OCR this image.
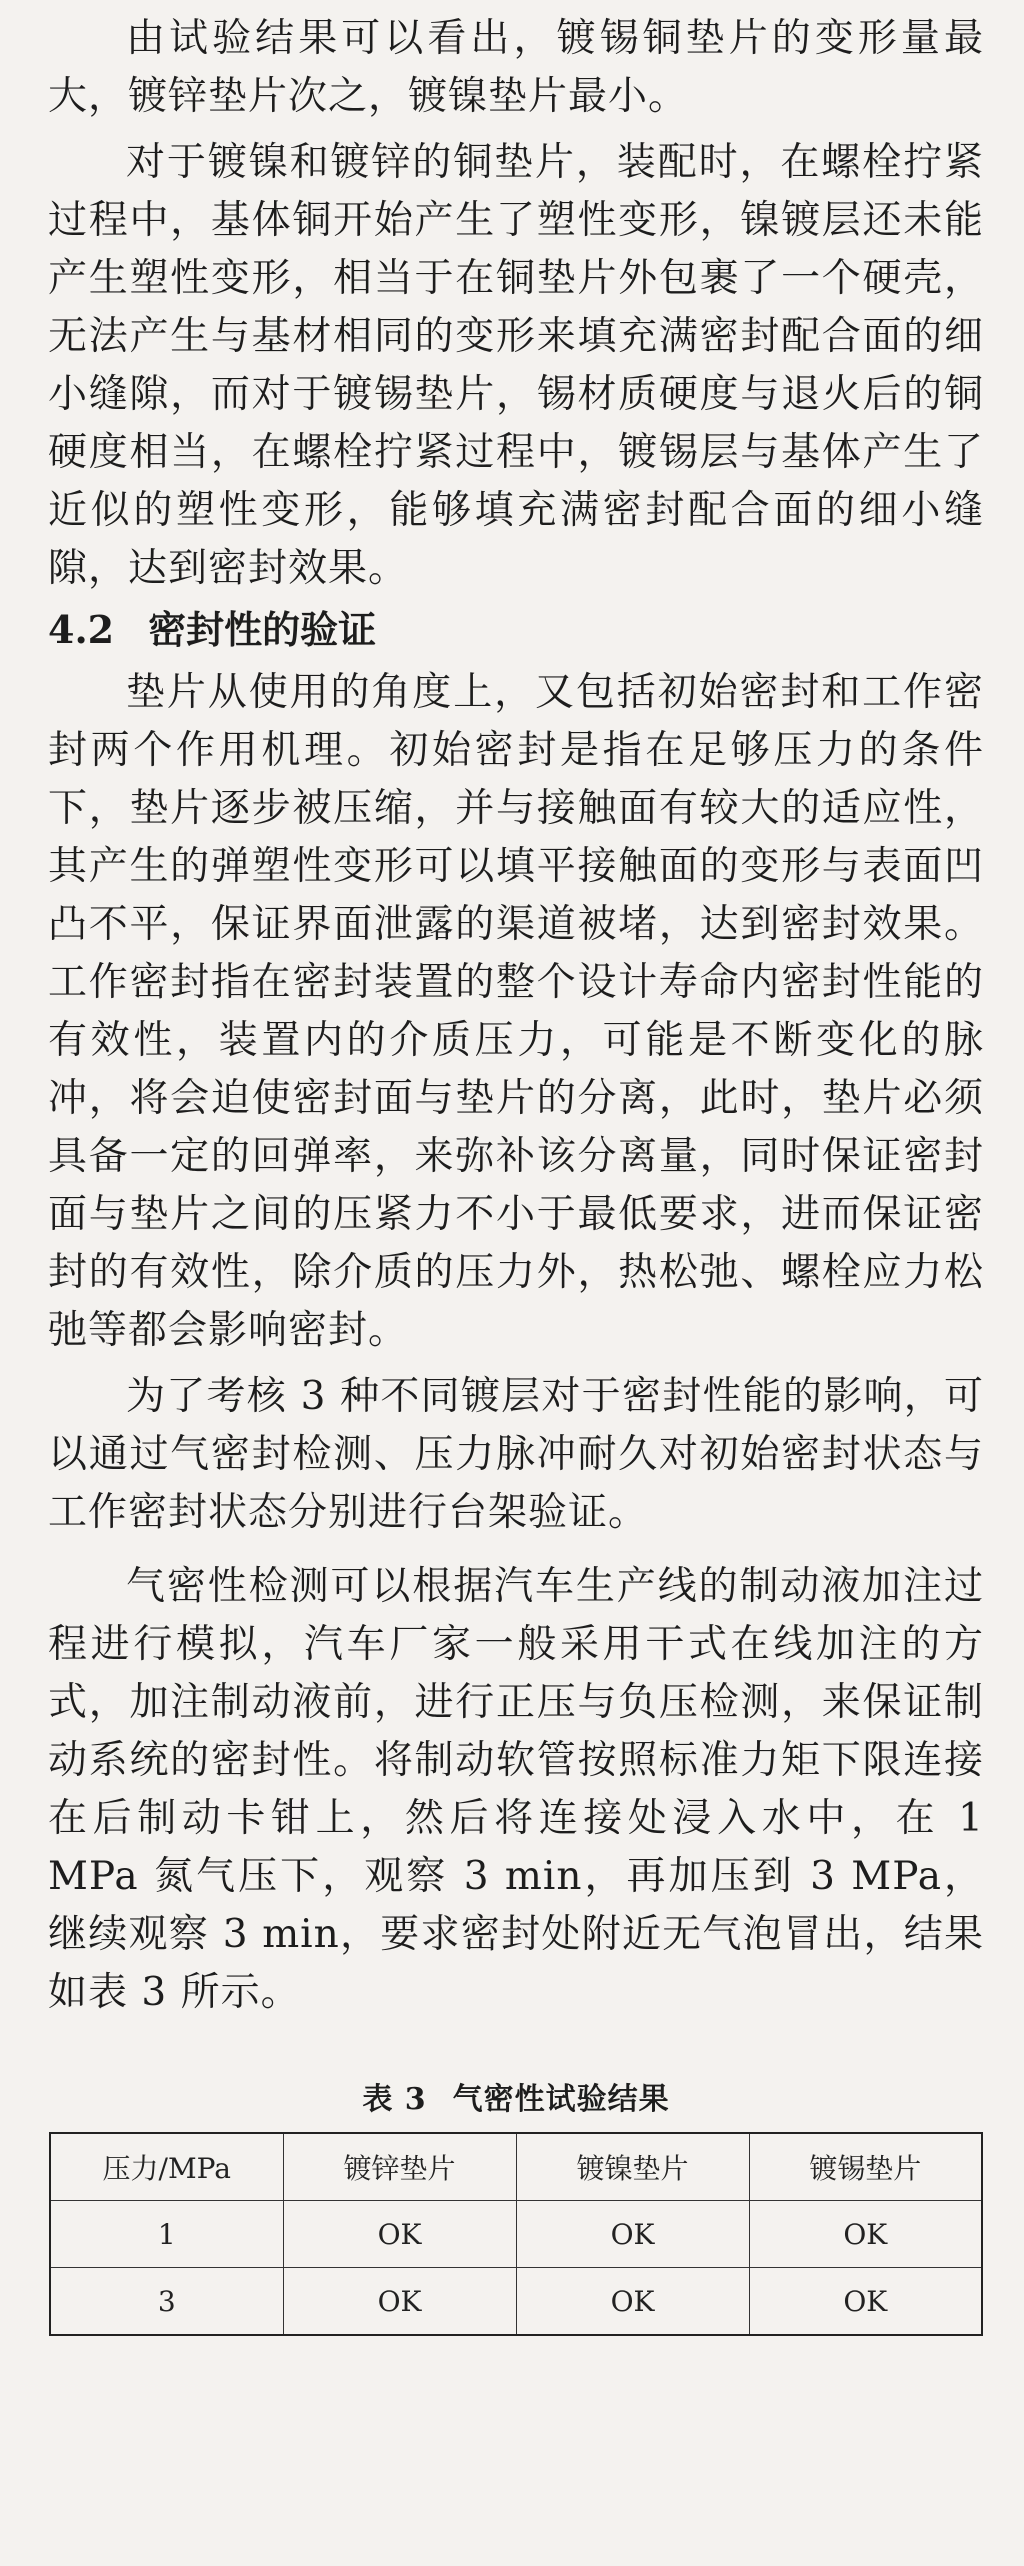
由试验结果可以看出，镀锡铜垫片的变形量最大，镀锌垫片次之，镀镍垫片最小。

对于镀镍和镀锌的铜垫片，装配时，在螺栓拧紧过程中，基体铜开始产生了塑性变形，镍镀层还未能产生塑性变形，相当于在铜垫片外包裹了一个硬壳，无法产生与基材相同的变形来填充满密封配合面的细小缝隙，而对于镀锡垫片，锡材质硬度与退火后的铜硬度相当，在螺栓拧紧过程中，镀锡层与基体产生了近似的塑性变形，能够填充满密封配合面的细小缝隙，达到密封效果。

4.2 密封性的验证

垫片从使用的角度上，又包括初始密封和工作密封两个作用机理。初始密封是指在足够压力的条件下，垫片逐步被压缩，并与接触面有较大的适应性，其产生的弹塑性变形可以填平接触面的变形与表面凹凸不平，保证界面泄露的渠道被堵，达到密封效果。工作密封指在密封装置的整个设计寿命内密封性能的有效性，装置内的介质压力，可能是不断变化的脉冲，将会迫使密封面与垫片的分离，此时，垫片必须具备一定的回弹率，来弥补该分离量，同时保证密封面与垫片之间的压紧力不小于最低要求，进而保证密封的有效性，除介质的压力外，热松弛、螺栓应力松弛等都会影响密封。

为了考核 3 种不同镀层对于密封性能的影响，可以通过气密封检测、压力脉冲耐久对初始密封状态与工作密封状态分别进行台架验证。

气密性检测可以根据汽车生产线的制动液加注过程进行模拟，汽车厂家一般采用干式在线加注的方式，加注制动液前，进行正压与负压检测，来保证制动系统的密封性。将制动软管按照标准力矩下限连接在后制动卡钳上，然后将连接处浸入水中，在 1 MPa 氮气压下，观察 3 min，再加压到 3 MPa，继续观察 3 min，要求密封处附近无气泡冒出，结果如表 3 所示。

表 3 气密性试验结果
压力/MPa	镀锌垫片	镀镍垫片	镀锡垫片
1	OK	OK	OK
3	OK	OK	OK
